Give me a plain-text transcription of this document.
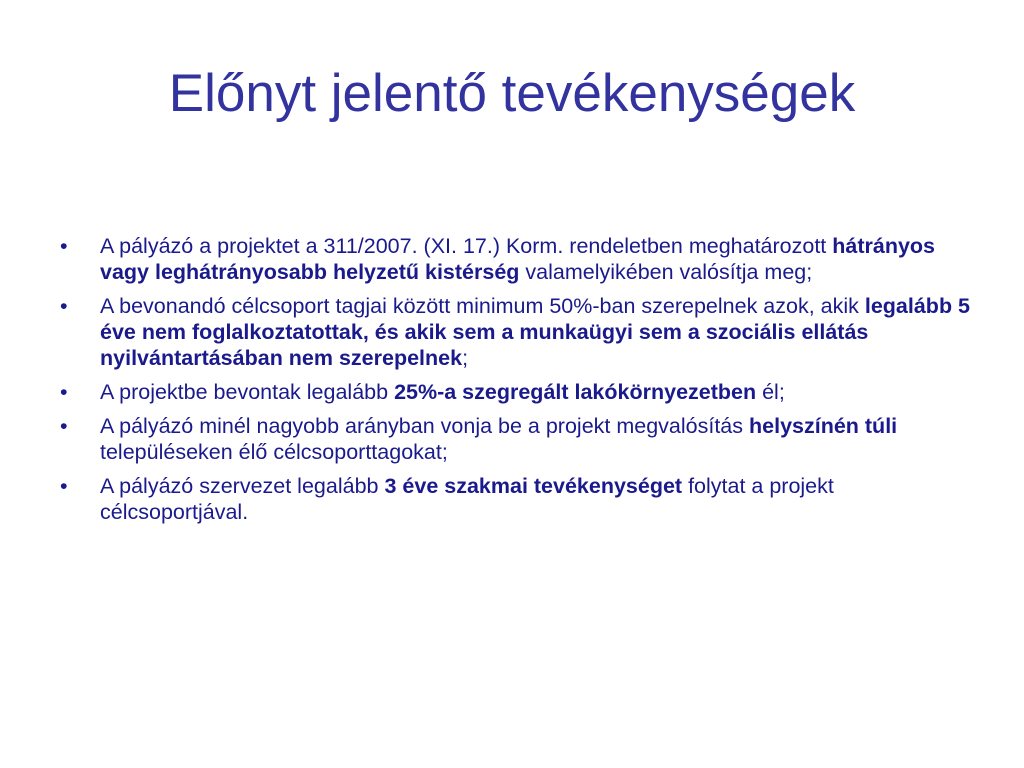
Előnyt jelentő tevékenységek
•	A pályázó a projektet a 311/2007. (XI. 17.) Korm. rendeletben meghatározott hátrányos vagy leghátrányosabb helyzetű kistérség valamelyikében valósítja meg;
•	A bevonandó célcsoport tagjai között minimum 50%-ban szerepelnek azok, akik legalább 5 éve nem foglalkoztatottak, és akik sem a munkaügyi sem a szociális ellátás nyilvántartásában nem szerepelnek;
•	A projektbe bevontak legalább 25%-a szegregált lakókörnyezetben él;
•	A pályázó minél nagyobb arányban vonja be a projekt megvalósítás helyszínén túli településeken élő célcsoporttagokat;
•	A pályázó szervezet legalább 3 éve szakmai tevékenységet folytat a projekt célcsoportjával.
